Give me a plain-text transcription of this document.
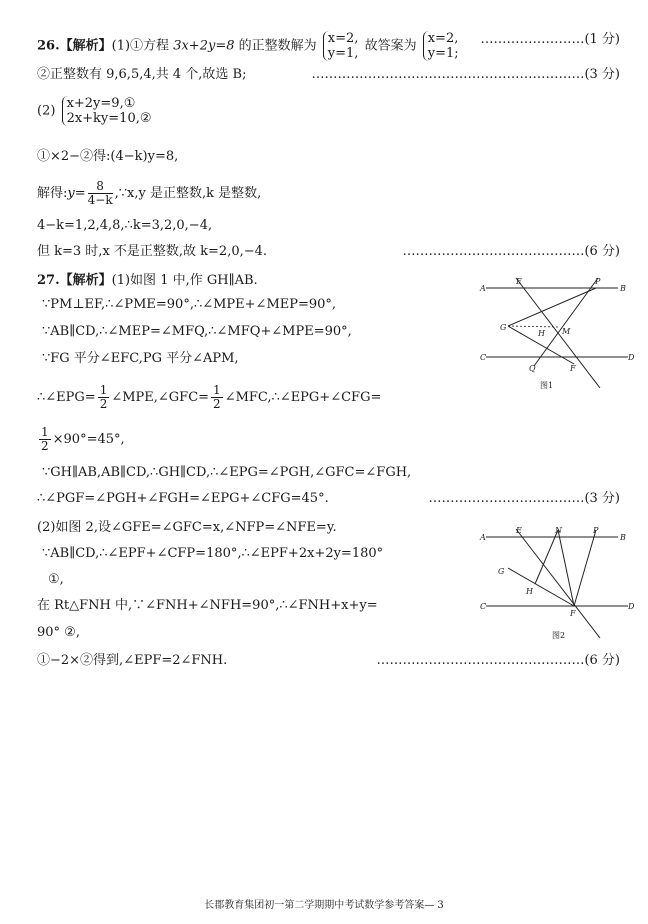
26.【解析】(1)①方程 3x+2y=8 的正整数解为 x=2,
y=1, 故答案为 x=2,
y=1;
……………………(1 分)
②正整数有 9,6,5,4,共 4 个,故选 B;	………………………………………………………(3 分)
(2) x+2y=9,①
2x+ky=10,②
①×2−②得:(4−k)y=8,
解得:y= $\frac{8}{4-k}$ ,∵x,y 是正整数,k 是整数,
4−k=1,2,4,8,∴k=3,2,0,−4,
但 k=3 时,x 不是正整数,故 k=2,0,−4.	……………………………………(6 分)
27.【解析】(1)如图 1 中,作 GH∥AB.
∵PM⊥EF,∴∠PME=90°,∴∠MPE+∠MEP=90°,
∵AB∥CD,∴∠MEP=∠MFQ,∴∠MFQ+∠MPE=90°,
∵FG 平分∠EFC,PG 平分∠APM,
∴∠EPG= $\frac{1}{2}$ ∠MPE,∠GFC= $\frac{1}{2}$ ∠MFC,∴∠EPG+∠CFG=
$\frac{1}{2} \times 90^\circ=45^\circ$,
∵GH∥AB,AB∥CD,∴GH∥CD,∴∠EPG=∠PGH,∠GFC=∠FGH,
∴∠PGF=∠PGH+∠FGH=∠EPG+∠CFG=45°.	………………………………(3 分)
(2)如图 2,设∠GFE=∠GFC=x,∠NFP=∠NFE=y.
∵AB∥CD,∴∠EPF+∠CFP=180°,∴∠EPF+2x+2y=180°
①,
在 Rt△FNH 中,∵∠FNH+∠NFH=90°,∴∠FNH+x+y=
90° ②,
①−2×②得到,∠EPF=2∠FNH.	…………………………………………(6 分)
A	B
C	D
E	P
G
H M
Q	F
图1
A	B
C	D
E	N	P
G
H
F
图2
长郡教育集团初一第二学期期中考试数学参考答案— 3
